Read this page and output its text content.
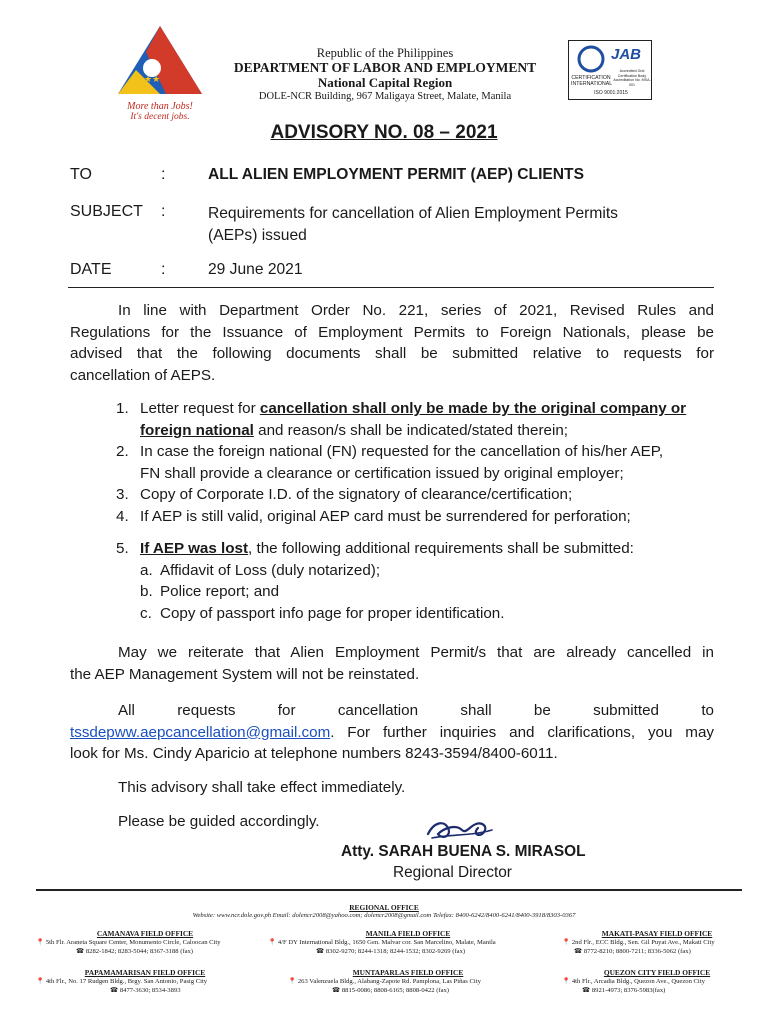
★★
More than Jobs!
It's decent jobs.
Republic of the Philippines
DEPARTMENT OF LABOR AND EMPLOYMENT
National Capital Region
DOLE-NCR Building, 967 Maligaya Street, Malate, Manila
JAB
CERTIFICATION
INTERNATIONAL
Accredited Grid Certification Body Accreditation No. MSA-001
ISO 9001:2015
ADVISORY NO. 08 – 2021
TO	:	ALL ALIEN EMPLOYMENT PERMIT (AEP) CLIENTS
SUBJECT :	Requirements for cancellation of Alien Employment Permits
(AEPs) issued
DATE	:	29 June 2021
In line with Department Order No. 221, series of 2021, Revised Rules and
Regulations for the Issuance of Employment Permits to Foreign Nationals, please be
advised that the following documents shall be submitted relative to requests for
cancellation of AEPS.
1. Letter request for cancellation shall only be made by the original company or
foreign national and reason/s shall be indicated/stated therein;
2. In case the foreign national (FN) requested for the cancellation of his/her AEP,
FN shall provide a clearance or certification issued by original employer;
3. Copy of Corporate I.D. of the signatory of clearance/certification;
4. If AEP is still valid, original AEP card must be surrendered for perforation;
5. If AEP was lost, the following additional requirements shall be submitted:
a. Affidavit of Loss (duly notarized);
b. Police report; and
c. Copy of passport info page for proper identification.
May we reiterate that Alien Employment Permit/s that are already cancelled in
the AEP Management System will not be reinstated.
All	requests	for	cancellation	shall	be	submitted	to
tssdepww.aepcancellation@gmail.com. For further inquiries and clarifications, you may
look for Ms. Cindy Aparicio at telephone numbers 8243-3594/8400-6011.
This advisory shall take effect immediately.
Please be guided accordingly.
Atty. SARAH BUENA S. MIRASOL
Regional Director
REGIONAL OFFICE
Website: www.ncr.dole.gov.ph Email: dolencr2008@yahoo.com; dolencr2008@gmail.com Telefax: 8400-6242/8400-6241/8400-3918/8303-0367
CAMANAVA FIELD OFFICE
📍 5th Flr. Araneta Square Center, Monumento Circle, Caloocan City
☎ 8282-1842; 8283-5044; 8367-3188 (fax)
MANILA FIELD OFFICE
📍 4/F DY International Bldg., 1650 Gen. Malvar cor. San Marcelino, Malate, Manila
☎ 8302-9270; 8244-1318; 8244-1532; 8302-9269 (fax)
MAKATI-PASAY FIELD OFFICE
📍 2nd Flr., ECC Bldg., Sen. Gil Puyat Ave., Makati City
☎ 8772-8210; 8800-7211; 8336-5062 (fax)
PAPAMAMARISAN FIELD OFFICE
📍 4th Flr., No. 17 Rudgen Bldg., Brgy. San Antonio, Pasig City
☎ 8477-3630; 8534-3893
MUNTAPARLAS FIELD OFFICE
📍 263 Valenzuela Bldg., Alabang-Zapote Rd. Pamplona, Las Piñas City
☎ 8815-0086; 8808-6165; 8808-0422 (fax)
QUEZON CITY FIELD OFFICE
📍 4th Flr., Arcadia Bldg., Quezon Ave., Quezon City
☎ 8921-4973; 8376-5983(fax)
